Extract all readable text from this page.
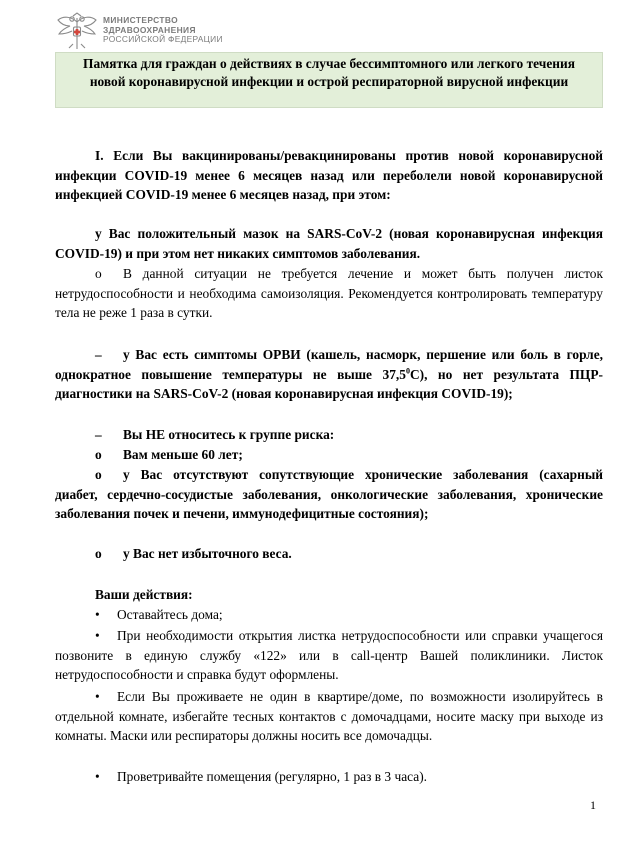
МИНИСТЕРСТВО
ЗДРАВООХРАНЕНИЯ
РОССИЙСКОЙ ФЕДЕРАЦИИ
Памятка для граждан о действиях в случае бессимптомного или легкого течения новой коронавирусной инфекции и острой респираторной вирусной инфекции

I. Если Вы вакцинированы/ревакцинированы против новой коронавирусной инфекции COVID-19 менее 6 месяцев назад или переболели новой коронавирусной инфекцией COVID-19 менее 6 месяцев назад, при этом:

у Вас положительный мазок на SARS-CoV-2 (новая коронавирусная инфекция COVID-19) и при этом нет никаких симптомов заболевания.

o В данной ситуации не требуется лечение и может быть получен листок нетрудоспособности и необходима самоизоляция. Рекомендуется контролировать температуру тела не реже 1 раза в сутки.

– у Вас есть симптомы ОРВИ (кашель, насморк, першение или боль в горле, однократное повышение температуры не выше 37,5$^0$С), но нет результата ПЦР-диагностики на SARS-CoV-2 (новая коронавирусная инфекция COVID-19);

– Вы НЕ относитесь к группе риска:

o Вам меньше 60 лет;

o у Вас отсутствуют сопутствующие хронические заболевания (сахарный диабет, сердечно-сосудистые заболевания, онкологические заболевания, хронические заболевания почек и печени, иммунодефицитные состояния);

o у Вас нет избыточного веса.

Ваши действия:

• Оставайтесь дома;

• При необходимости открытия листка нетрудоспособности или справки учащегося позвоните в единую службу «122» или в call-центр Вашей поликлиники. Листок нетрудоспособности и справка будут оформлены.

• Если Вы проживаете не один в квартире/доме, по возможности изолируйтесь в отдельной комнате, избегайте тесных контактов с домочадцами, носите маску при выходе из комнаты. Маски или респираторы должны носить все домочадцы.

• Проветривайте помещения (регулярно, 1 раз в 3 часа).

1
